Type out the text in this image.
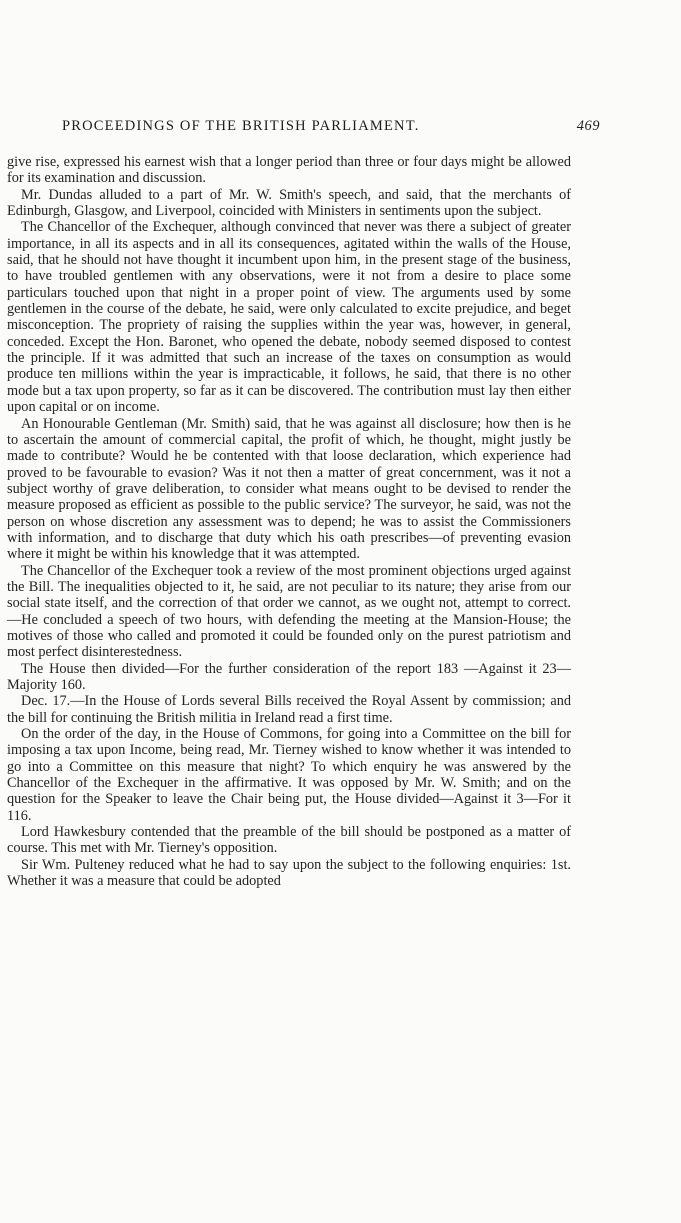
PROCEEDINGS OF THE BRITISH PARLIAMENT.	469

give rise, expressed his earnest wish that a longer period than three or four days might be allowed for its examination and discussion.

Mr. Dundas alluded to a part of Mr. W. Smith's speech, and said, that the merchants of Edinburgh, Glasgow, and Liverpool, coincided with Ministers in sentiments upon the subject.

The Chancellor of the Exchequer, although convinced that never was there a subject of greater importance, in all its aspects and in all its consequences, agitated within the walls of the House, said, that he should not have thought it incumbent upon him, in the present stage of the business, to have troubled gentlemen with any observations, were it not from a desire to place some particulars touched upon that night in a proper point of view. The arguments used by some gentlemen in the course of the debate, he said, were only calculated to excite prejudice, and beget misconception. The propriety of raising the supplies within the year was, however, in general, conceded. Except the Hon. Baronet, who opened the debate, nobody seemed disposed to contest the principle. If it was admitted that such an increase of the taxes on consumption as would produce ten millions within the year is impracticable, it follows, he said, that there is no other mode but a tax upon property, so far as it can be discovered. The contribution must lay then either upon capital or on income.

An Honourable Gentleman (Mr. Smith) said, that he was against all disclosure; how then is he to ascertain the amount of commercial capital, the profit of which, he thought, might justly be made to contribute? Would he be contented with that loose declaration, which experience had proved to be favourable to evasion? Was it not then a matter of great concernment, was it not a subject worthy of grave deliberation, to consider what means ought to be devised to render the measure proposed as efficient as possible to the public service? The surveyor, he said, was not the person on whose discretion any assessment was to depend; he was to assist the Commissioners with information, and to discharge that duty which his oath prescribes—of preventing evasion where it might be within his knowledge that it was attempted.

The Chancellor of the Exchequer took a review of the most prominent objections urged against the Bill. The inequalities objected to it, he said, are not peculiar to its nature; they arise from our social state itself, and the correction of that order we cannot, as we ought not, attempt to correct.—He concluded a speech of two hours, with defending the meeting at the Mansion-House; the motives of those who called and promoted it could be founded only on the purest patriotism and most perfect disinterestedness.

The House then divided—For the further consideration of the report 183 —Against it 23—Majority 160.

Dec. 17.—In the House of Lords several Bills received the Royal Assent by commission; and the bill for continuing the British militia in Ireland read a first time.

On the order of the day, in the House of Commons, for going into a Committee on the bill for imposing a tax upon Income, being read, Mr. Tierney wished to know whether it was intended to go into a Committee on this measure that night? To which enquiry he was answered by the Chancellor of the Exchequer in the affirmative. It was opposed by Mr. W. Smith; and on the question for the Speaker to leave the Chair being put, the House divided—Against it 3—For it 116.

Lord Hawkesbury contended that the preamble of the bill should be postponed as a matter of course. This met with Mr. Tierney's opposition.

Sir Wm. Pulteney reduced what he had to say upon the subject to the following enquiries: 1st. Whether it was a measure that could be adopted
